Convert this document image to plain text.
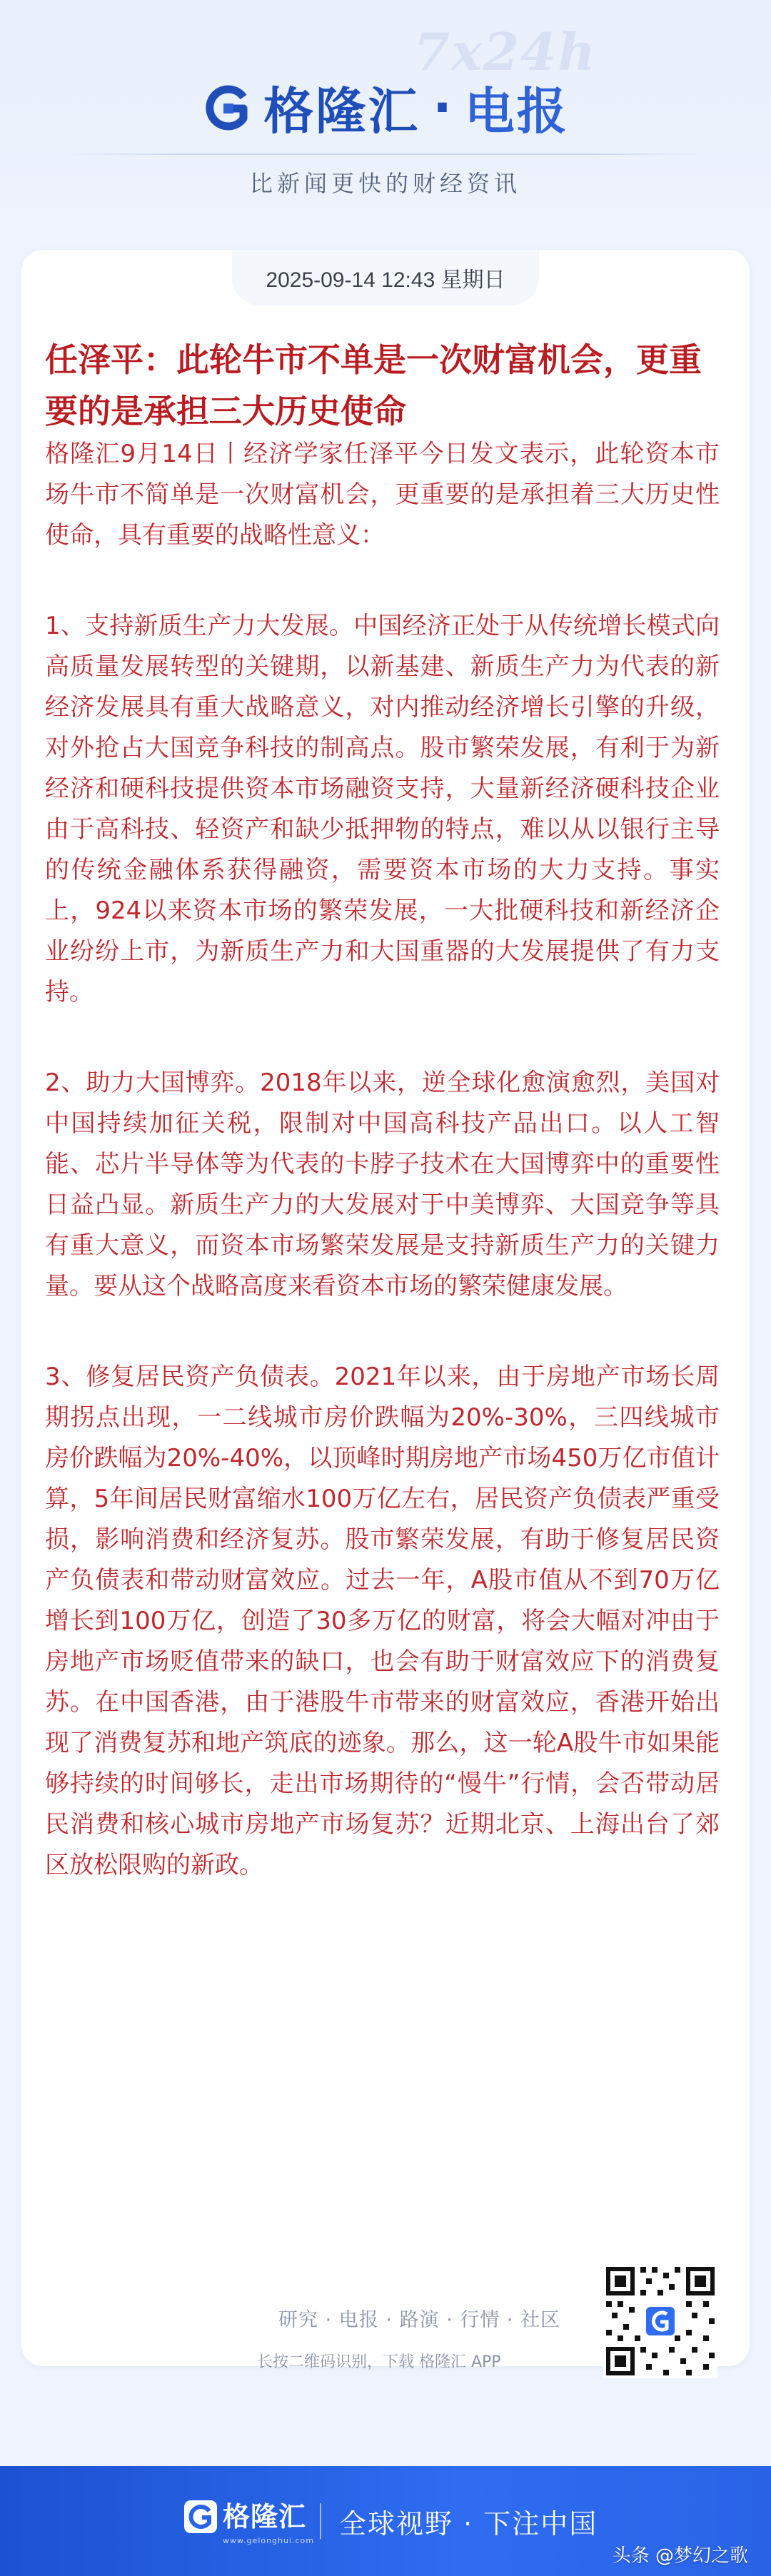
7x24h
格隆汇 · 电报
比新闻更快的财经资讯
2025-09-14 12:43 星期日
任泽平：此轮牛市不单是一次财富机会，更重要的是承担三大历史使命

格隆汇9月14日丨经济学家任泽平今日发文表示，此轮资本市场牛市不简单是一次财富机会，更重要的是承担着三大历史性使命，具有重要的战略性意义：

1、支持新质生产力大发展。中国经济正处于从传统增长模式向高质量发展转型的关键期，以新基建、新质生产力为代表的新经济发展具有重大战略意义，对内推动经济增长引擎的升级，对外抢占大国竞争科技的制高点。股市繁荣发展，有利于为新经济和硬科技提供资本市场融资支持，大量新经济硬科技企业由于高科技、轻资产和缺少抵押物的特点，难以从以银行主导的传统金融体系获得融资，需要资本市场的大力支持。事实上，924以来资本市场的繁荣发展，一大批硬科技和新经济企业纷纷上市，为新质生产力和大国重器的大发展提供了有力支持。

2、助力大国博弈。2018年以来，逆全球化愈演愈烈，美国对中国持续加征关税，限制对中国高科技产品出口。以人工智能、芯片半导体等为代表的卡脖子技术在大国博弈中的重要性日益凸显。新质生产力的大发展对于中美博弈、大国竞争等具有重大意义，而资本市场繁荣发展是支持新质生产力的关键力量。要从这个战略高度来看资本市场的繁荣健康发展。

3、修复居民资产负债表。2021年以来，由于房地产市场长周期拐点出现，一二线城市房价跌幅为20%-30%，三四线城市房价跌幅为20%-40%，以顶峰时期房地产市场450万亿市值计算，5年间居民财富缩水100万亿左右，居民资产负债表严重受损，影响消费和经济复苏。股市繁荣发展，有助于修复居民资产负债表和带动财富效应。过去一年，A股市值从不到70万亿增长到100万亿，创造了30多万亿的财富，将会大幅对冲由于房地产市场贬值带来的缺口，也会有助于财富效应下的消费复苏。在中国香港，由于港股牛市带来的财富效应，香港开始出现了消费复苏和地产筑底的迹象。那么，这一轮A股牛市如果能够持续的时间够长，走出市场期待的“慢牛”行情，会否带动居民消费和核心城市房地产市场复苏？近期北京、上海出台了郊区放松限购的新政。

研究 · 电报 · 路演 · 行情 · 社区
长按二维码识别，下载 格隆汇 APP
格隆汇
www.gelonghui.com
全球视野 · 下注中国
头条 @梦幻之歌
